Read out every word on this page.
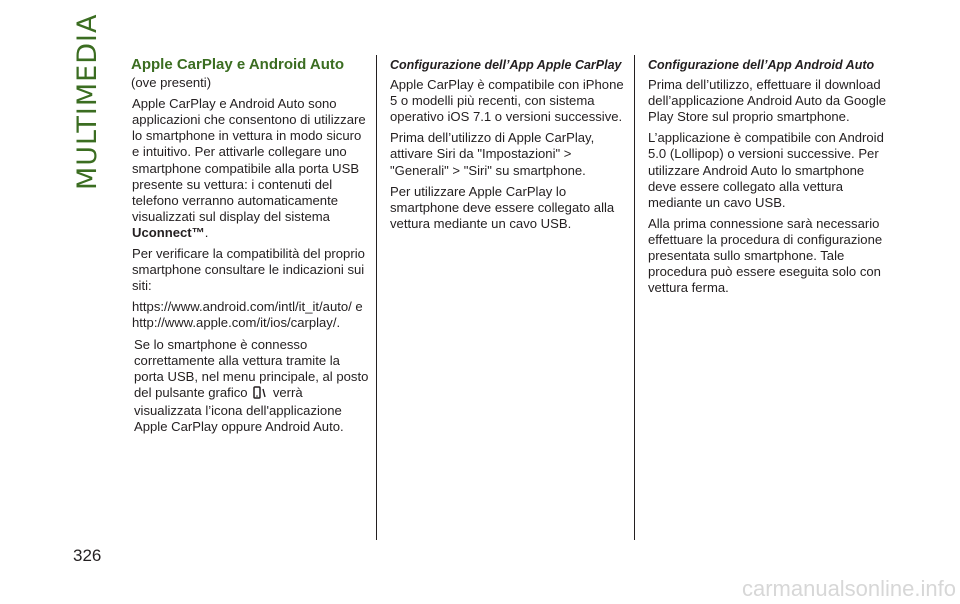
MULTIMEDIA
326
Apple CarPlay e Android Auto

(ove presenti)

Apple CarPlay e Android Auto sono applicazioni che consentono di utilizzare lo smartphone in vettura in modo sicuro e intuitivo. Per attivarle collegare uno smartphone compatibile alla porta USB presente su vettura: i contenuti del telefono verranno automaticamente visualizzati sul display del sistema Uconnect™.

Per verificare la compatibilità del proprio smartphone consultare le indicazioni sui siti:

https://www.android.com/intl/it_it/auto/ e http://www.apple.com/it/ios/carplay/.

Se lo smartphone è connesso correttamente alla vettura tramite la porta USB, nel menu principale, al posto del pulsante grafico verrà visualizzata l’icona dell'applicazione Apple CarPlay oppure Android Auto.

Configurazione dell’App Apple CarPlay

Apple CarPlay è compatibile con iPhone 5 o modelli più recenti, con sistema operativo iOS 7.1 o versioni successive.

Prima dell’utilizzo di Apple CarPlay, attivare Siri da "Impostazioni" > "Generali" > "Siri" su smartphone.

Per utilizzare Apple CarPlay lo smartphone deve essere collegato alla vettura mediante un cavo USB.

Configurazione dell’App Android Auto

Prima dell’utilizzo, effettuare il download dell’applicazione Android Auto da Google Play Store sul proprio smartphone.

L’applicazione è compatibile con Android 5.0 (Lollipop) o versioni successive. Per utilizzare Android Auto lo smartphone deve essere collegato alla vettura mediante un cavo USB.

Alla prima connessione sarà necessario effettuare la procedura di configurazione presentata sullo smartphone. Tale procedura può essere eseguita solo con vettura ferma.

carmanualsonline.info
